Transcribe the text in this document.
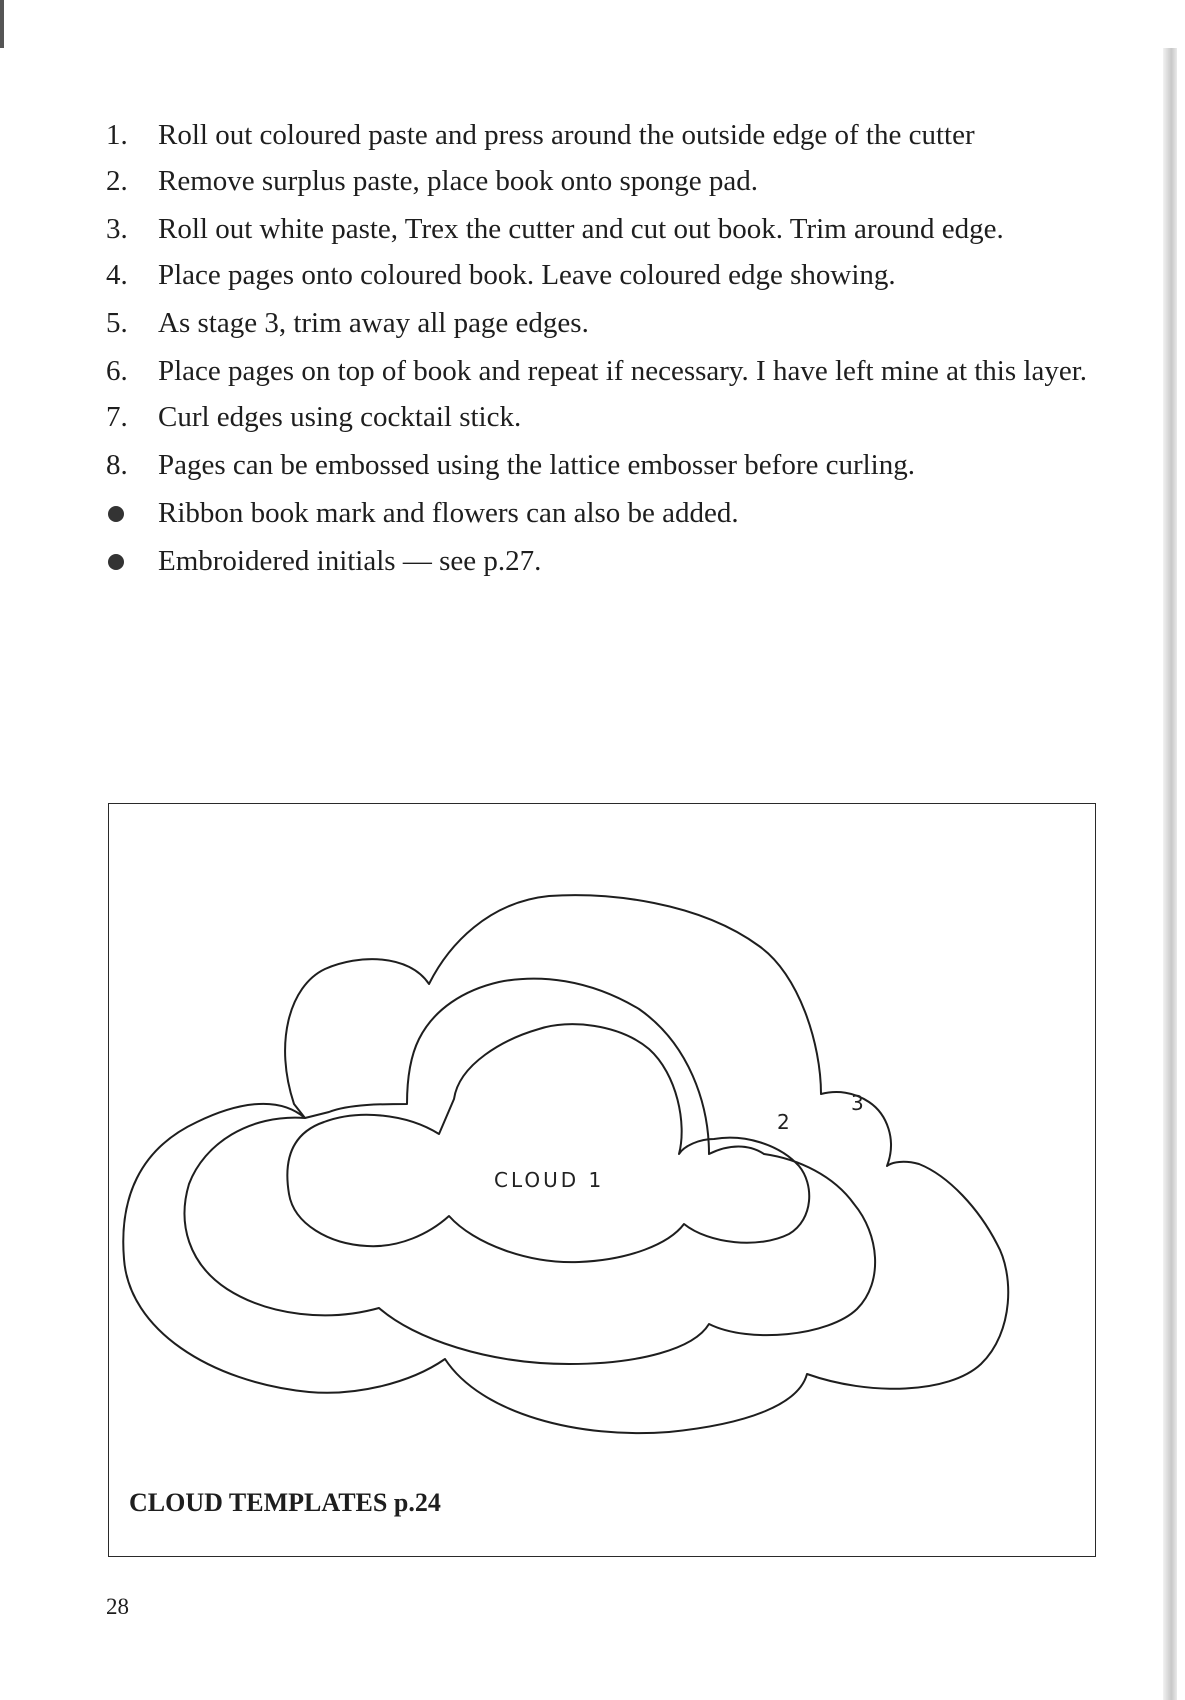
1. Roll out coloured paste and press around the outside edge of the cutter
2. Remove surplus paste, place book onto sponge pad.
3. Roll out white paste, Trex the cutter and cut out book. Trim around edge.
4. Place pages onto coloured book. Leave coloured edge showing.
5. As stage 3, trim away all page edges.
6. Place pages on top of book and repeat if necessary. I have left mine at this layer.
7. Curl edges using cocktail stick.
8. Pages can be embossed using the lattice embosser before curling.
Ribbon book mark and flowers can also be added.
Embroidered initials — see p.27.
CLOUD 1
2
3
CLOUD TEMPLATES p.24
28
